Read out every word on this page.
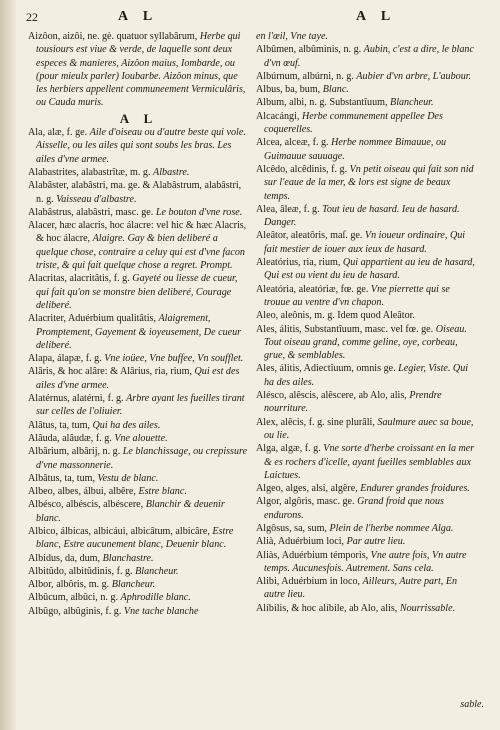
22	A L	A L

Aizôon, aizôi, ne. gè. quatuor syllabârum, Herbe qui tousiours est viue & verde, de laquelle sont deux especes & manieres, Aizôon maius, Iombarde, ou (pour mieulx parler) Ioubarbe. Aizôon minus, que les herbiers appellent communeement Vermiculâris, ou Cauda muris.

A L

Ala, alæ, f. ge. Aile d'oiseau ou d'autre beste qui vole. Aisselle, ou les ailes qui sont soubs les bras. Les ailes d'vne armee.

Alabastrites, alabastrîtæ, m. g. Albastre.

Alabâster, alabâstri, ma. ge. & Alabâstrum, alabâstri, n. g. Vaisseau d'albastre.

Alabâstrus, alabâstri, masc. ge. Le bouton d'vne rose.

Alacer, hæc alacris, hoc álacre: vel hic & hæc Alacris, & hoc álacre, Alaigre. Gay & bien deliberé a quelque chose, contraire a celuy qui est d'vne facon triste, & qui fait quelque chose a regret. Prompt.

Alacritas, alacritâtis, f. g. Gayeté ou liesse de cueur, qui fait qu'on se monstre bien deliberé, Courage deliberé.

Alacriter, Aduérbium qualitâtis, Alaigrement, Promptement, Gayement & ioyeusement, De cueur deliberé.

Alapa, álapæ, f. g. Vne ioüee, Vne buffee, Vn soufflet.

Alâris, & hoc alâre: & Alârius, ria, rium, Qui est des ailes d'vne armee.

Alatérnus, alatérni, f. g. Arbre ayant les fueilles tirant sur celles de l'oliuier.

Alâtus, ta, tum, Qui ha des ailes.

Alâuda, alâudæ, f. g. Vne alouette.

Albârium, albârij, n. g. Le blanchissage, ou crepissure d'vne massonnerie.

Albâtus, ta, tum, Vestu de blanc.

Albeo, albes, álbui, albêre, Estre blanc.

Albésco, albéscis, albéscere, Blanchir & deuenir blanc.

Albico, álbicas, albicáui, albicâtum, albicâre, Estre blanc, Estre aucunement blanc, Deuenir blanc.

Albidus, da, dum, Blanchastre.

Albitûdo, albitûdinis, f. g. Blancheur.

Albor, albôris, m. g. Blancheur.

Albûcum, albûci, n. g. Aphrodille blanc.

Albûgo, albûginis, f. g. Vne tache blanche

en l'œil, Vne taye.

Albûmen, albûminis, n. g. Aubin, c'est a dire, le blanc d'vn œuf.

Albúrnum, albúrni, n. g. Aubier d'vn arbre, L'aubour.

Albus, ba, bum, Blanc.

Album, albi, n. g. Substantîuum, Blancheur.

Alcacángi, Herbe communement appellee Des coquerelles.

Alcea, alceæ, f. g. Herbe nommee Bimauue, ou Guimauue sauuage.

Alcêdo, alcêdinis, f. g. Vn petit oiseau qui fait son nid sur l'eaue de la mer, & lors est signe de beaux temps.

Alea, âleæ, f. g. Tout ieu de hasard. Ieu de hasard. Danger.

Aleâtor, aleatôris, maſ. ge. Vn ioueur ordinaire, Qui fait mestier de iouer aux ieux de hasard.

Aleatórius, ria, rium, Qui appartient au ieu de hasard, Qui est ou vient du ieu de hasard.

Aleatória, aleatóriæ, fœ. ge. Vne pierrette qui se trouue au ventre d'vn chapon.

Aleo, aleônis, m. g. Idem quod Aleâtor.

Ales, álitis, Substantîuum, masc. vel fœ. ge. Oiseau. Tout oiseau grand, comme geline, oye, corbeau, grue, & semblables.

Ales, álitis, Adiectîuum, omnis ge. Legier, Viste. Qui ha des ailes.

Alésco, alêscis, alêscere, ab Alo, alis, Prendre nourriture.

Alex, alêcis, f. g. sine plurâli, Saulmure auec sa boue, ou lie.

Alga, algæ, f. g. Vne sorte d'herbe croissant en la mer & es rochers d'icelle, ayant fueilles semblables aux Laictues.

Algeo, alges, alsi, algêre, Endurer grandes froidures.

Algor, algôris, masc. ge. Grand froid que nous endurons.

Algôsus, sa, sum, Plein de l'herbe nommee Alga.

Alià, Aduérbium loci, Par autre lieu.

Aliàs, Aduérbium témporis, Vne autre fois, Vn autre temps. Aucunesfois. Autrement. Sans cela.

Alibi, Aduérbium in loco, Ailleurs, Autre part, En autre lieu.

Alíbilis, & hoc alíbile, ab Alo, alis, Nourrissable.

sable.
